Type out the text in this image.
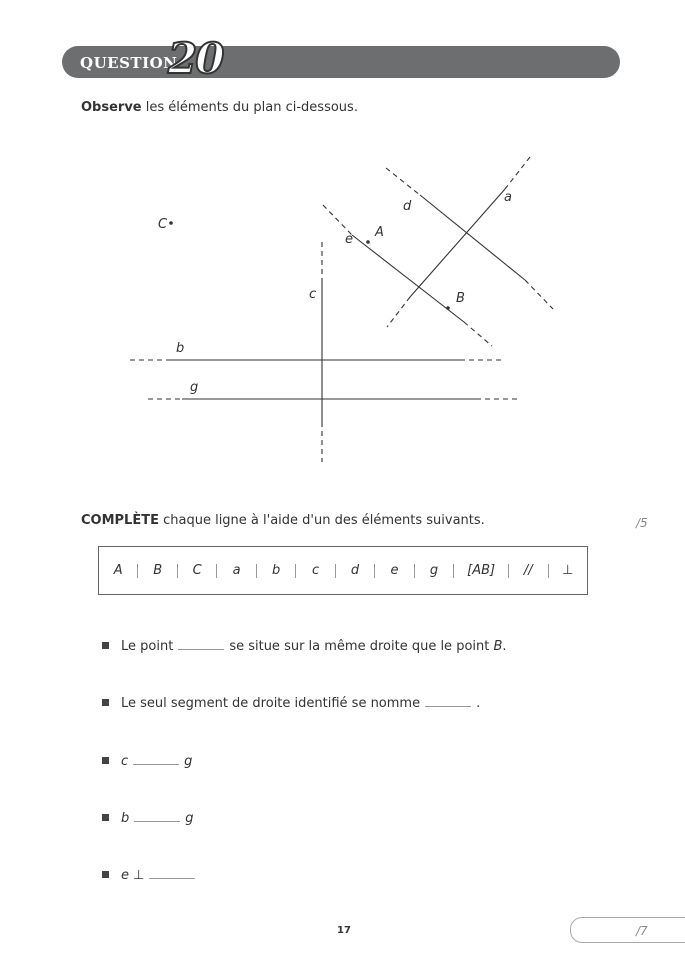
QUESTION
20
Observe les éléments du plan ci-dessous.
a
d
e A
B
C
c
b
g
COMPLÈTE chaque ligne à l'aide d'un des éléments suivants.	/5
A	B	C	a	b	c	d	e	g	[AB]	//	⊥
Le point	se situe sur la même droite que le point
B .
Le seul segment de droite identifié se nomme	.
c	g
b	g
e ⊥
17	/7
